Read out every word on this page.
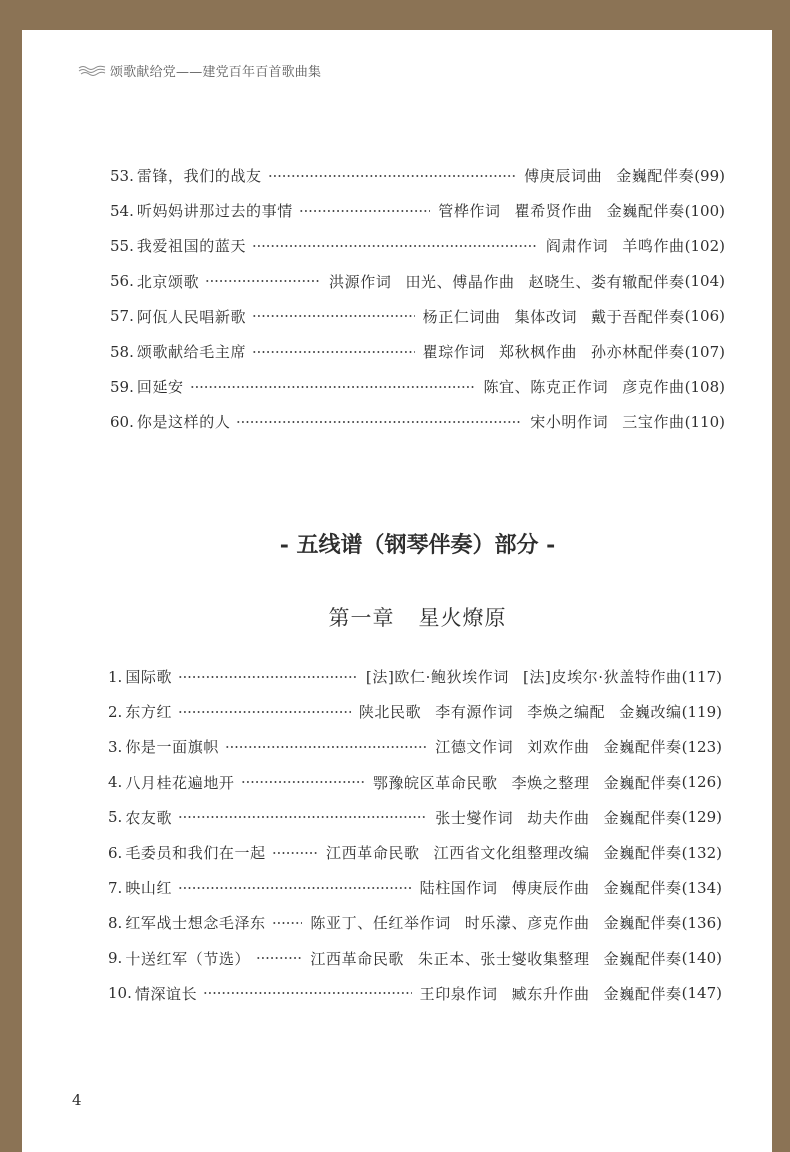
颂歌献给党——建党百年百首歌曲集
53. 雷锋，我们的战友	傅庚辰词曲 金巍配伴奏 (99)
54. 听妈妈讲那过去的事情	管桦作词 瞿希贤作曲 金巍配伴奏 (100)
55. 我爱祖国的蓝天	阎肃作词 羊鸣作曲 (102)
56. 北京颂歌	洪源作词 田光、傅晶作曲 赵晓生、娄有辙配伴奏 (104)
57. 阿佤人民唱新歌	杨正仁词曲 集体改词 戴于吾配伴奏 (106)
58. 颂歌献给毛主席	瞿琮作词 郑秋枫作曲 孙亦林配伴奏 (107)
59. 回延安	陈宜、陈克正作词 彦克作曲 (108)
60. 你是这样的人	宋小明作词 三宝作曲 (110)
- 五线谱（钢琴伴奏）部分 -
第一章 星火燎原
1. 国际歌	[法]欧仁·鲍狄埃作词 [法]皮埃尔·狄盖特作曲 (117)
2. 东方红	陕北民歌 李有源作词 李焕之编配 金巍改编 (119)
3. 你是一面旗帜	江德文作词 刘欢作曲 金巍配伴奏 (123)
4. 八月桂花遍地开	鄂豫皖区革命民歌 李焕之整理 金巍配伴奏 (126)
5. 农友歌	张士燮作词 劫夫作曲 金巍配伴奏 (129)
6. 毛委员和我们在一起	江西革命民歌 江西省文化组整理改编 金巍配伴奏 (132)
7. 映山红	陆柱国作词 傅庚辰作曲 金巍配伴奏 (134)
8. 红军战士想念毛泽东	陈亚丁、任红举作词 时乐濛、彦克作曲 金巍配伴奏 (136)
9. 十送红军（节选）	江西革命民歌 朱正本、张士燮收集整理 金巍配伴奏 (140)
10. 情深谊长	王印泉作词 臧东升作曲 金巍配伴奏 (147)
4
